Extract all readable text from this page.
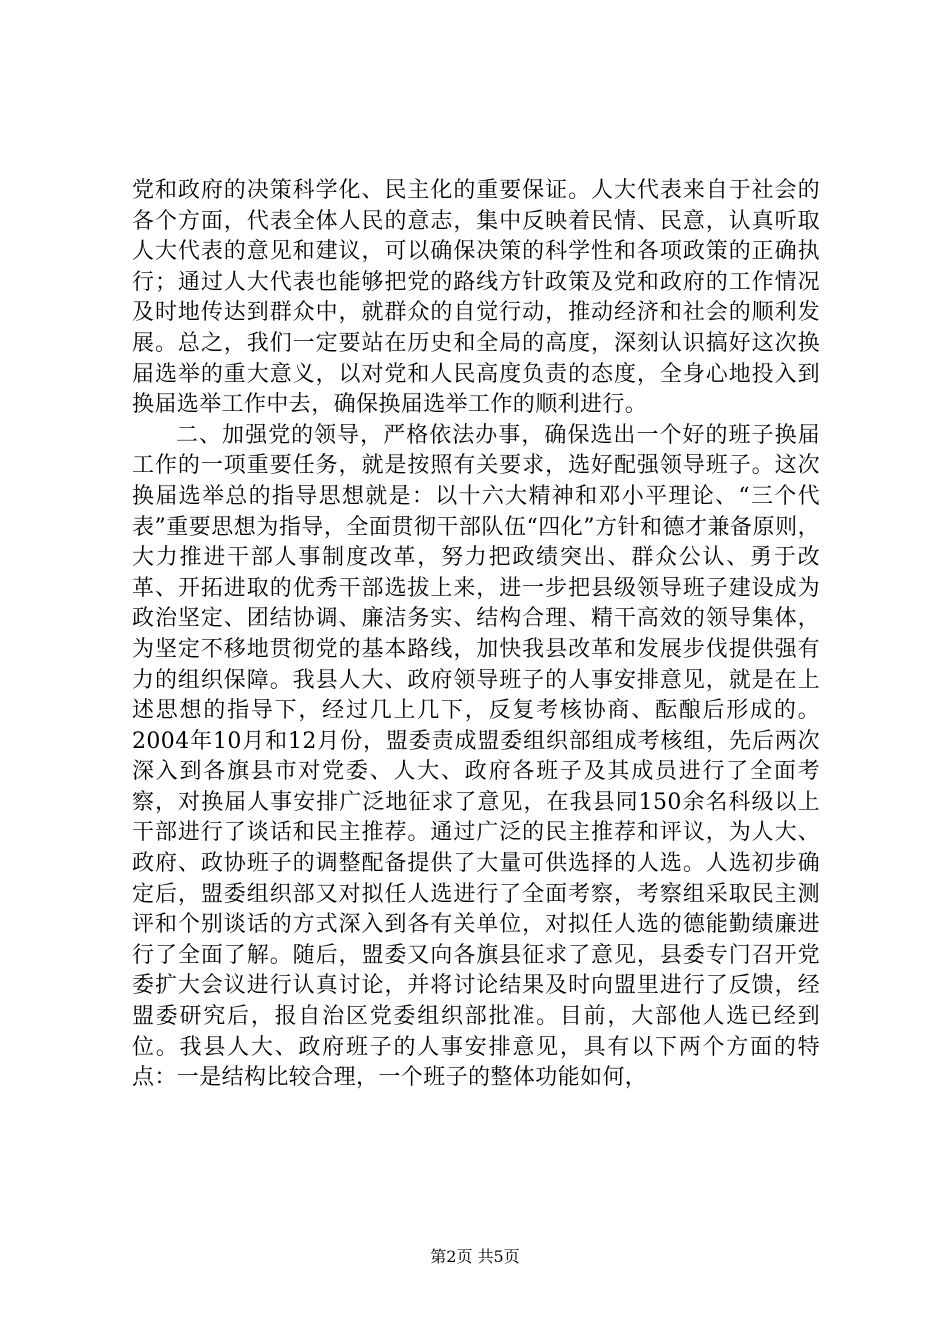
党和政府的决策科学化、民主化的重要保证。人大代表来自于社会的各个方面，代表全体人民的意志，集中反映着民情、民意，认真听取人大代表的意见和建议，可以确保决策的科学性和各项政策的正确执行；通过人大代表也能够把党的路线方针政策及党和政府的工作情况及时地传达到群众中，就群众的自觉行动，推动经济和社会的顺利发展。总之，我们一定要站在历史和全局的高度，深刻认识搞好这次换届选举的重大意义，以对党和人民高度负责的态度，全身心地投入到换届选举工作中去，确保换届选举工作的顺利进行。

二、加强党的领导，严格依法办事，确保选出一个好的班子换届工作的一项重要任务，就是按照有关要求，选好配强领导班子。这次换届选举总的指导思想就是：以十六大精神和邓小平理论、“三个代表”重要思想为指导，全面贯彻干部队伍“四化”方针和德才兼备原则，大力推进干部人事制度改革，努力把政绩突出、群众公认、勇于改革、开拓进取的优秀干部选拔上来，进一步把县级领导班子建设成为政治坚定、团结协调、廉洁务实、结构合理、精干高效的领导集体，为坚定不移地贯彻党的基本路线，加快我县改革和发展步伐提供强有力的组织保障。我县人大、政府领导班子的人事安排意见，就是在上述思想的指导下，经过几上几下，反复考核协商、酝酿后形成的。2004年10月和12月份，盟委责成盟委组织部组成考核组，先后两次深入到各旗县市对党委、人大、政府各班子及其成员进行了全面考察，对换届人事安排广泛地征求了意见，在我县同150余名科级以上干部进行了谈话和民主推荐。通过广泛的民主推荐和评议，为人大、政府、政协班子的调整配备提供了大量可供选择的人选。人选初步确定后，盟委组织部又对拟任人选进行了全面考察，考察组采取民主测评和个别谈话的方式深入到各有关单位，对拟任人选的德能勤绩廉进行了全面了解。随后，盟委又向各旗县征求了意见，县委专门召开党委扩大会议进行认真讨论，并将讨论结果及时向盟里进行了反馈，经盟委研究后，报自治区党委组织部批准。目前，大部他人选已经到位。我县人大、政府班子的人事安排意见，具有以下两个方面的特点：一是结构比较合理，一个班子的整体功能如何，

第2页 共5页
